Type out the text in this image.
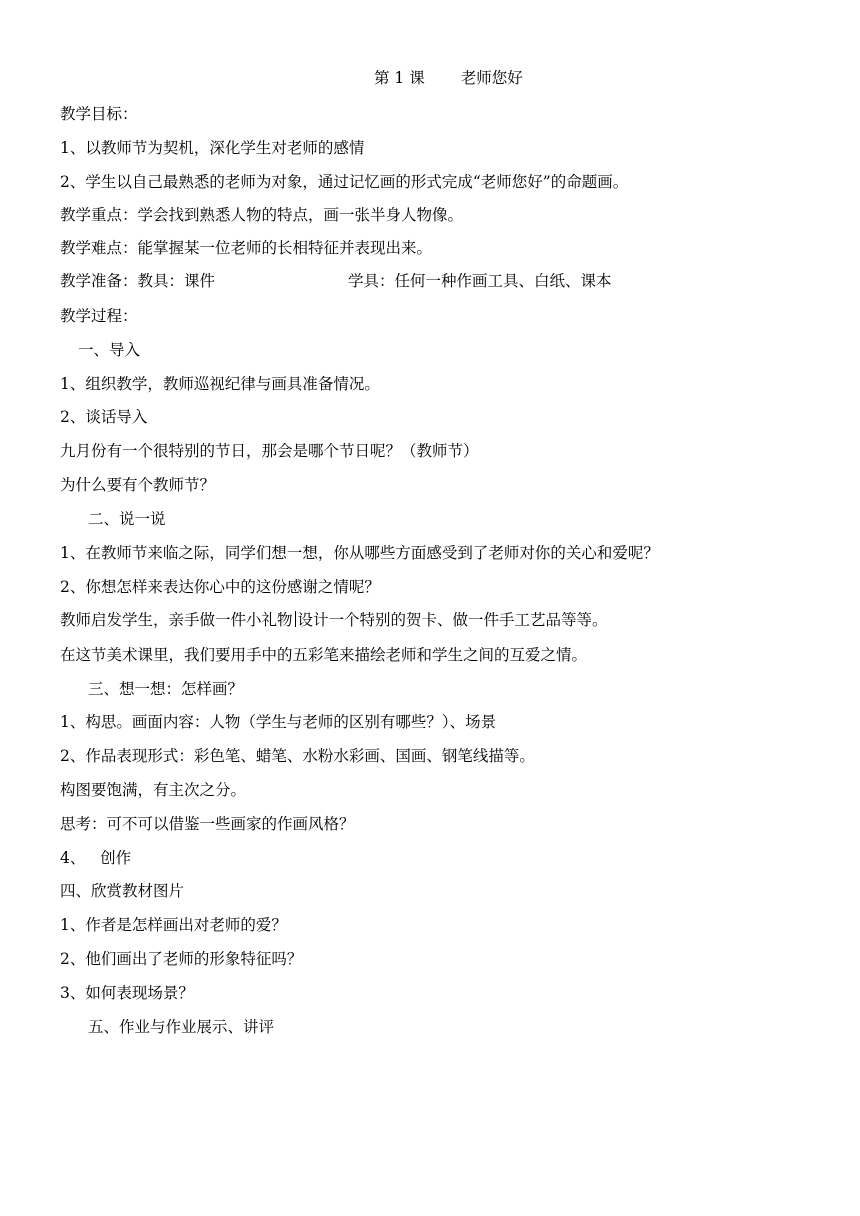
第 1 课 老师您好
教学目标：
1、以教师节为契机，深化学生对老师的感情
2、学生以自己最熟悉的老师为对象，通过记忆画的形式完成“老师您好”的命题画。
教学重点：学会找到熟悉人物的特点，画一张半身人物像。
教学难点：能掌握某一位老师的长相特征并表现出来。
教学准备：教具：课件	学具：任何一种作画工具、白纸、课本
教学过程：
一、导入
1、组织教学，教师巡视纪律与画具准备情况。
2、谈话导入
九月份有一个很特别的节日，那会是哪个节日呢？（教师节）
为什么要有个教师节？
二、说一说
1、在教师节来临之际，同学们想一想，你从哪些方面感受到了老师对你的关心和爱呢？
2、你想怎样来表达你心中的这份感谢之情呢？
教师启发学生，亲手做一件小礼物 设计一个特别的贺卡、做一件手工艺品等等。
在这节美术课里，我们要用手中的五彩笔来描绘老师和学生之间的互爱之情。
三、想一想：怎样画？
1、构思。画面内容：人物（学生与老师的区别有哪些？）、场景
2、作品表现形式：彩色笔、蜡笔、水粉水彩画、国画、钢笔线描等。
构图要饱满，有主次之分。
思考：可不可以借鉴一些画家的作画风格？
4、   创作
四、欣赏教材图片
1、作者是怎样画出对老师的爱？
2、他们画出了老师的形象特征吗？
3、如何表现场景？
五、作业与作业展示、讲评
